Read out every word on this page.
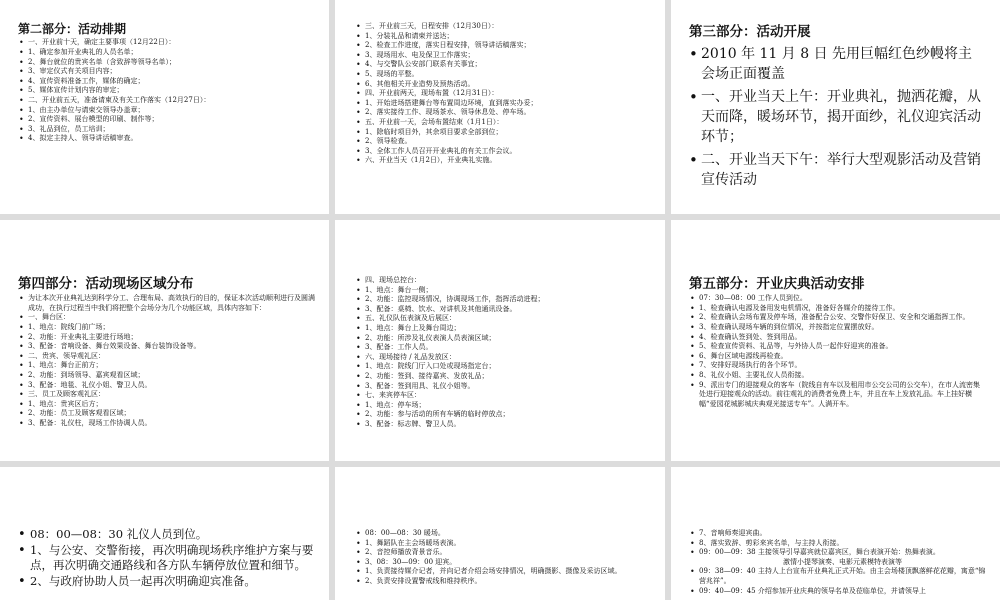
第二部分：活动排期
• 一、开业前十天，确定主要事项（12月22日）：
• 1、确定参加开业典礼的人员名单；
• 2、舞台就位的贵宾名单（含致辞等领导名单）；
• 3、审定仪式有关项目内容；
• 4、宣传资料准备工作，媒体的确定；
• 5、媒体宣传计划内容的审定；
• 二、开业前五天，准备请柬及有关工作落实（12月27日）：
• 1、由主办单位与请柬交领导办盖章；
• 2、宣传资料、展台模型的印刷、制作等；
• 3、礼品到位，员工培训；
• 4、拟定主持人、领导讲话稿审查。
• 三、开业前三天，日程安排（12月30日）：
• 1、分装礼品和请柬并送达；
• 2、检查工作进度，落实日程安排，领导讲话稿落实；
• 3、现场用水、电及保卫工作落实；
• 4、与交警队公安部门联系有关事宜；
• 5、现场的平整。
• 6、其他相关开业造势及预热活动。
• 四、开业前两天，现场布置（12月31日）：
• 1、开始进场搭建舞台等布置周边环境，直到落实办妥；
• 2、落实接待工作、现场茶水、领导休息处、停车场。
• 五、开业前一天，会场布置结束（1月1日）：
• 1、除临时项目外，其余项目要求全部到位；
• 2、领导检查。
• 3、全体工作人员召开开业典礼的有关工作会议。
• 六、开业当天（1月2日），开业典礼实施。
第三部分：活动开展
• 2010 年 11 月 8 日 先用巨幅红色纱幔将主会场正面覆盖
• 一、开业当天上午：开业典礼，抛洒花瓣，从天而降，暖场环节，揭开面纱，礼仪迎宾活动环节；
• 二、开业当天下午：举行大型观影活动及营销宣传活动
第四部分：活动现场区域分布
• 为让本次开业典礼达到科学分工、合理布局、高效执行的目的，保证本次活动顺利进行及圆满成功，在执行过程当中我们将把整个会场分为几个功能区域，具体内容如下：
• 一、舞台区：
• 1、地点：院线门前广场；
• 2、功能：开业典礼主要进行场地；
• 3、配备：音响设备、舞台效果设备、舞台装饰设备等。
• 二、贵宾、领导观礼区：
• 1、地点：舞台正前方；
• 2、功能：到场领导、嘉宾观看区域；
• 3、配备：地毯、礼仪小姐、警卫人员。
• 三、员工及顾客观礼区：
• 1、地点：贵宾区后方；
• 2、功能：员工及顾客观看区域；
• 3、配备：礼仪柱，现场工作协调人员。
• 四、现场总控台：
• 1、地点：舞台一侧；
• 2、功能：监控现场情况，协调现场工作，指挥活动进程；
• 3、配备：桌椅、饮水、对讲机及其他通讯设备。
• 五、礼仪队伍表演及后展区：
• 1、地点：舞台上及舞台周边；
• 2、功能：所涉及礼仪表演人员表演区域；
• 3、配备：工作人员。
• 六、现场接待 / 礼品发放区：
• 1、地点：院线门厅入口处或现场指定台；
• 2、功能：签到、接待嘉宾、发放礼品；
• 3、配备：签到用具、礼仪小姐等。
• 七、来宾停车区：
• 1、地点：停车场；
• 2、功能：参与活动的所有车辆的临时停放点；
• 3、配备：标志牌、警卫人员。
第五部分：开业庆典活动安排
• 07：30—08：00 工作人员到位。
• 1、检查确认电源及备用发电机情况，准备好各媒介的接待工作。
• 2、检查确认会场布置及停车场，准备配合公安、交警作好保卫、安全和交通指挥工作。
• 3、检查确认现场车辆的到位情况，并按指定位置摆放好。
• 4、检查确认签到处、签到用品。
• 5、检查宣传资料、礼品等，与外协人员一起作好迎宾的准备。
• 6、舞台区域电源线再检查。
• 7、安排好现场执行的各个环节。
• 8、礼仪小姐、主要礼仪人员衔接。
• 9、派出专门的迎接观众的客车（院线自有车以及租用市公交公司的公交车），在市人流密集处进行迎接观众的活动。前往观礼的消费者免费上车，并且在车上发放礼品。车上挂好横幅“爱园花城影城庆典观光接送专车”。人满开车。
• 08：00—08：30 礼仪人员到位。
• 1、与公安、交警衔接，再次明确现场秩序维护方案与要点，再次明确交通路线和各方队车辆停放位置和细节。
• 2、与政府协助人员一起再次明确迎宾准备。
• 08：00—08：30 暖场。
• 1、舞蹈队在主会场暖场表演。
• 2、音控师播放背景音乐。
• 3、08：30—09：00 迎宾。
• 1、负责接待媒介记者，并向记者介绍会场安排情况，明确摄影、摄像及采访区域。
• 2、负责安排设置警戒线和维持秩序。
• 7、音响师奏迎宾曲。
• 8、落实致辞、剪彩来宾名单，与主持人衔接。
• 09：00—09：38 主接领导引导嘉宾就位嘉宾区，舞台表演开始：热舞表演。
激情小提琴演奏、电影元素模特表演等
• 09：38—09：40 主持人上台宣布开业典礼正式开始。由主会场楼顶飘落鲜花花瓣，寓意“锦营兆祥”。
• 09：40—09：45 介绍参加开业庆典的领导名单及莅临单位，并请领导上
